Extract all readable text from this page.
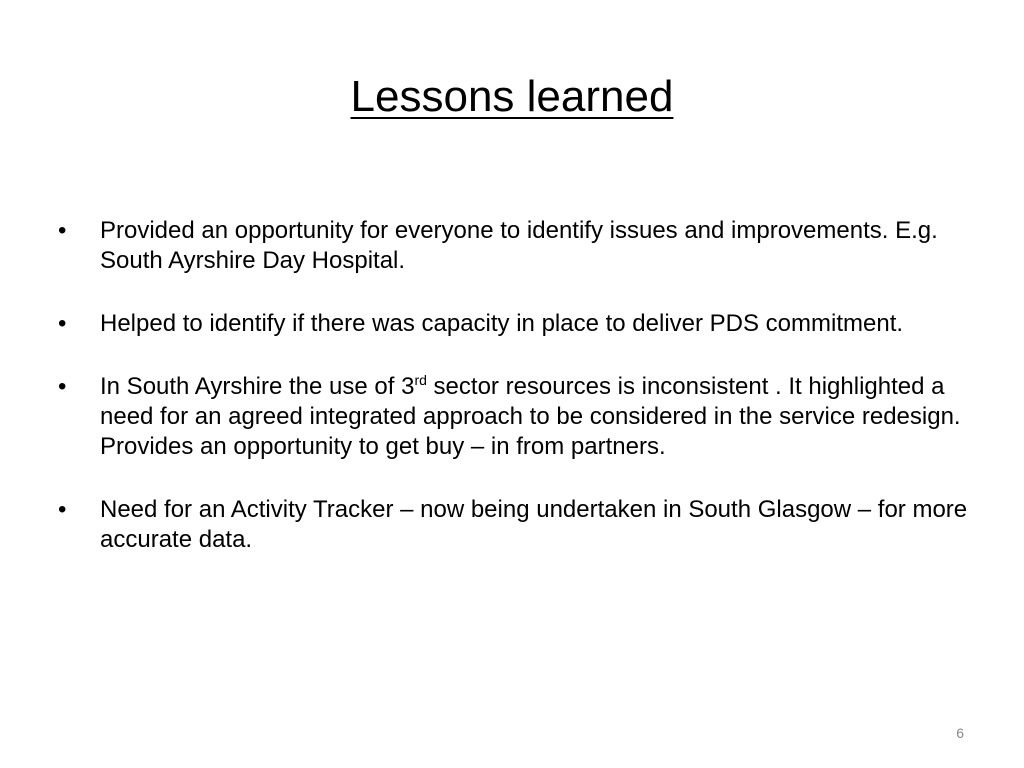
Lessons learned
•	Provided an opportunity for everyone to identify issues and improvements. E.g. South Ayrshire Day Hospital.
•	Helped to identify if there was capacity in place to deliver PDS commitment.
•	In South Ayrshire the use of 3rd sector resources is inconsistent . It highlighted a need for an agreed integrated approach to be considered in the service redesign. Provides an opportunity to get buy – in from partners.
•	Need for an Activity Tracker – now being undertaken in South Glasgow – for more accurate data.
6
